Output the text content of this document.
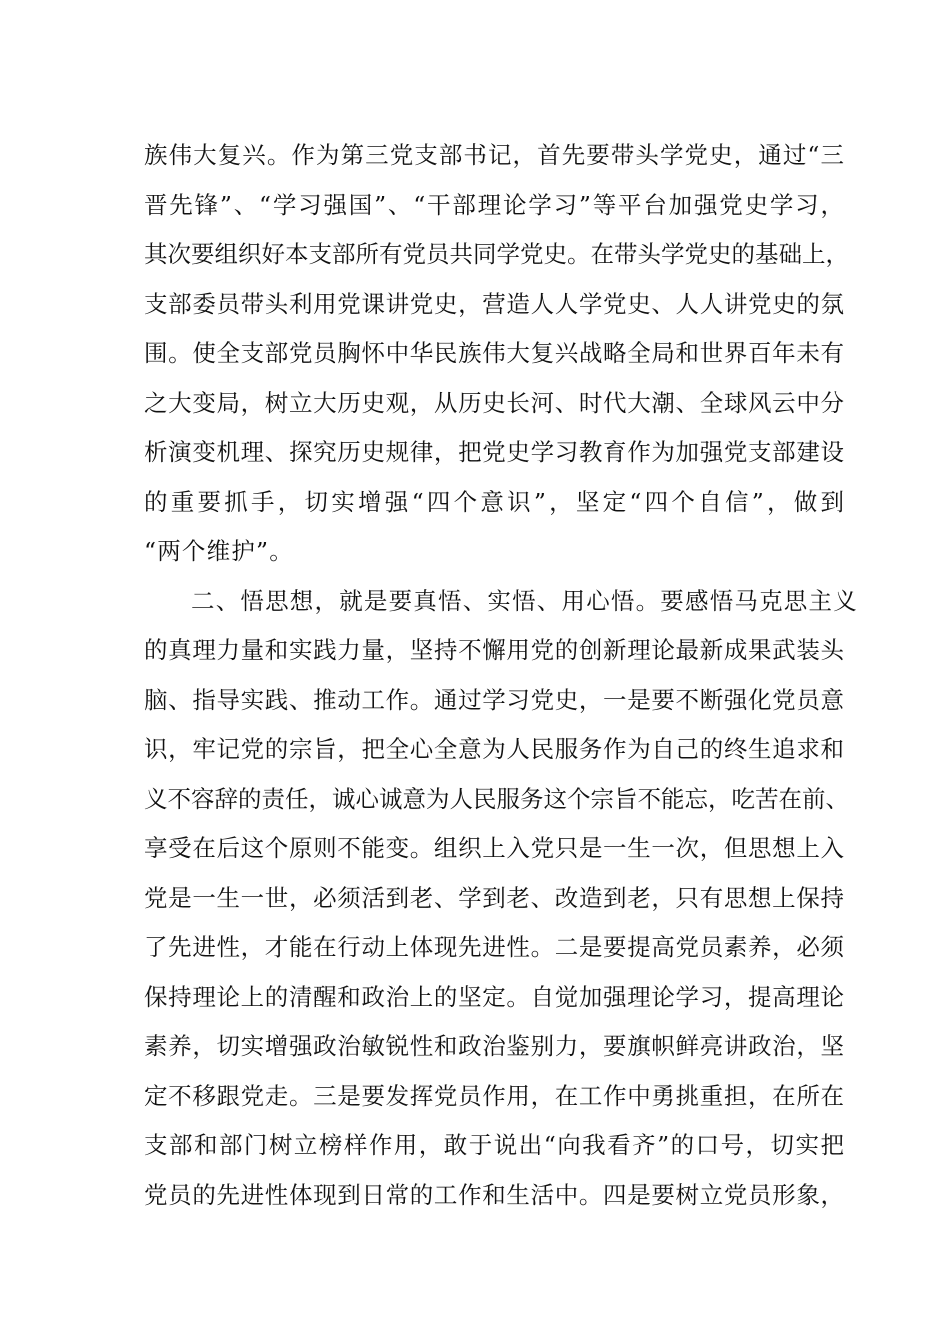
族伟大复兴。作为第三党支部书记，首先要带头学党史，通过“三
晋先锋”、“学习强国”、“干部理论学习”等平台加强党史学习，
其次要组织好本支部所有党员共同学党史。在带头学党史的基础上，
支部委员带头利用党课讲党史，营造人人学党史、人人讲党史的氛
围。使全支部党员胸怀中华民族伟大复兴战略全局和世界百年未有
之大变局，树立大历史观，从历史长河、时代大潮、全球风云中分
析演变机理、探究历史规律，把党史学习教育作为加强党支部建设
的重要抓手，切实增强“四个意识”，坚定“四个自信”，做到
“两个维护”。
二、悟思想，就是要真悟、实悟、用心悟。要感悟马克思主义
的真理力量和实践力量，坚持不懈用党的创新理论最新成果武装头
脑、指导实践、推动工作。通过学习党史，一是要不断强化党员意
识，牢记党的宗旨，把全心全意为人民服务作为自己的终生追求和
义不容辞的责任，诚心诚意为人民服务这个宗旨不能忘，吃苦在前、
享受在后这个原则不能变。组织上入党只是一生一次，但思想上入
党是一生一世，必须活到老、学到老、改造到老，只有思想上保持
了先进性，才能在行动上体现先进性。二是要提高党员素养，必须
保持理论上的清醒和政治上的坚定。自觉加强理论学习，提高理论
素养，切实增强政治敏锐性和政治鉴别力，要旗帜鲜亮讲政治，坚
定不移跟党走。三是要发挥党员作用，在工作中勇挑重担，在所在
支部和部门树立榜样作用，敢于说出“向我看齐”的口号，切实把
党员的先进性体现到日常的工作和生活中。四是要树立党员形象，
